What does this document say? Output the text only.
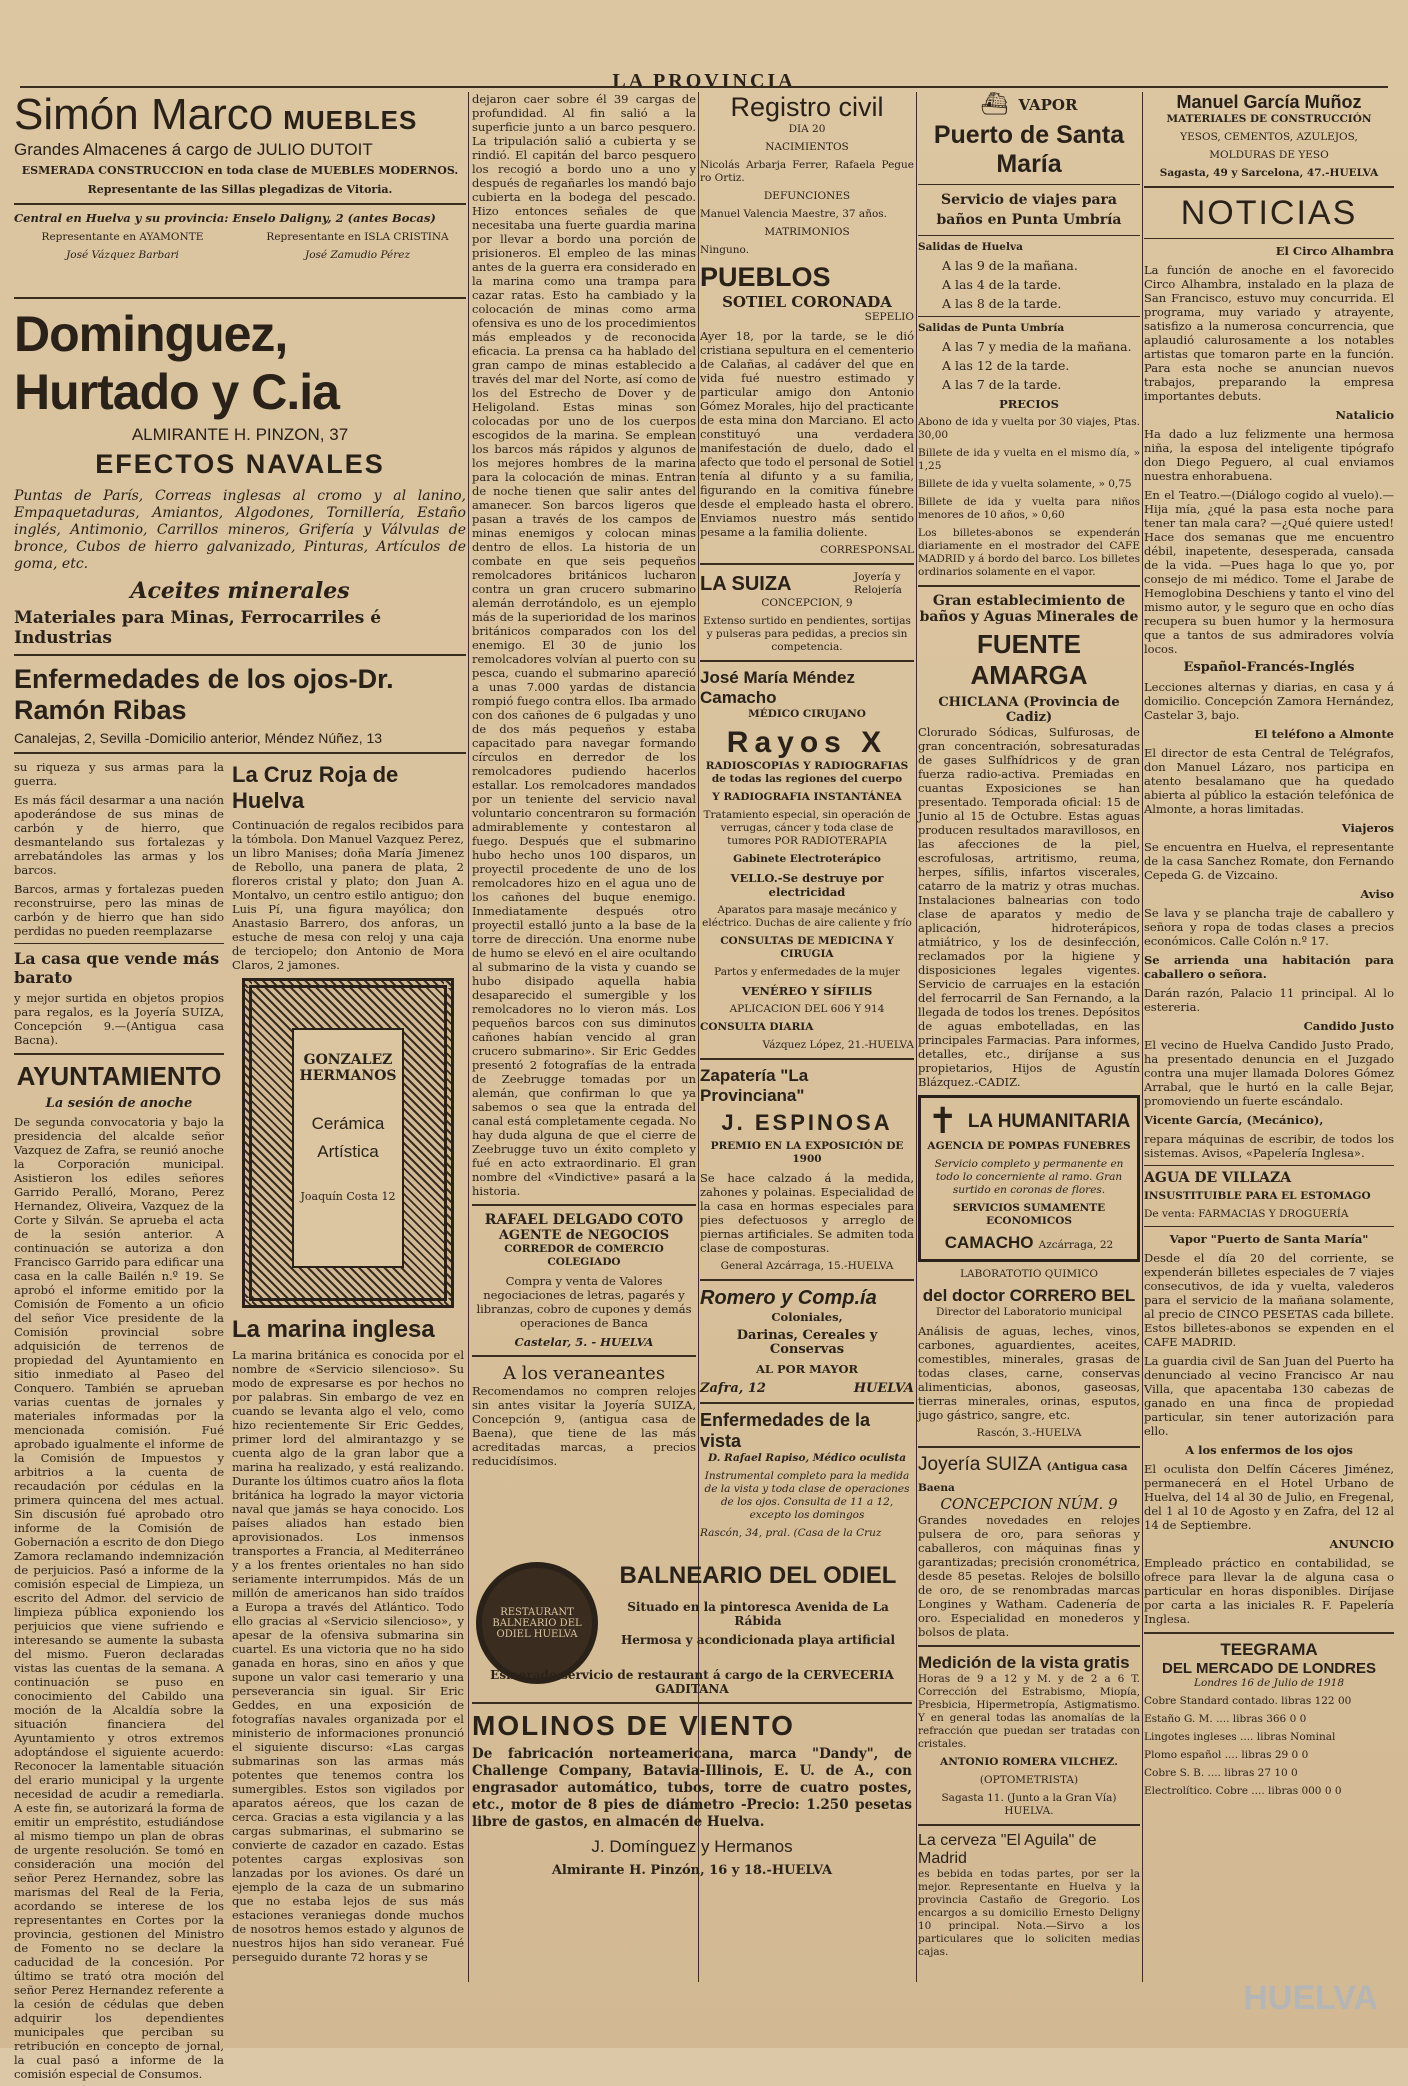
LA PROVINCIA
Simón Marco MUEBLES
Grandes Almacenes á cargo de JULIO DUTOIT

ESMERADA CONSTRUCCION en toda clase de MUEBLES MODERNOS.

Representante de las Sillas plegadizas de Vitoria.

Central en Huelva y su provincia: Enselo Daligny, 2 (antes Bocas)

Representante en AYAMONTE

José Vázquez Barbari

Representante en ISLA CRISTINA

José Zamudio Pérez

Dominguez, Hurtado y C.ia
ALMIRANTE H. PINZON, 37
EFECTOS NAVALES

Puntas de París, Correas inglesas al cromo y al lanino, Empaquetaduras, Amiantos, Algodones, Tornillería, Estaño inglés, Antimonio, Carrillos mineros, Grifería y Válvulas de bronce, Cubos de hierro galvanizado, Pinturas, Artículos de goma, etc.

Aceites minerales
Materiales para Minas, Ferrocarriles é Industrias
Enfermedades de los ojos-Dr. Ramón Ribas
Canalejas, 2, Sevilla -Domicilio anterior, Méndez Núñez, 13

su riqueza y sus armas para la guerra.

Es más fácil desarmar a una nación apoderándose de sus minas de carbón y de hierro, que desmantelando sus fortalezas y arrebatándoles las armas y los barcos.

Barcos, armas y fortalezas pueden reconstruirse, pero las minas de carbón y de hierro que han sido perdidas no pueden reemplazarse

La casa que vende más barato

y mejor surtida en objetos propios para regalos, es la Joyería SUIZA, Concepción 9.—(Antigua casa Bacna).

AYUNTAMIENTO
La sesión de anoche

De segunda convocatoria y bajo la presidencia del alcalde señor Vazquez de Zafra, se reunió anoche la Corporación municipal. Asistieron los ediles señores Garrido Peralló, Morano, Perez Hernandez, Oliveira, Vazquez de la Corte y Silván. Se aprueba el acta de la sesión anterior. A continuación se autoriza a don Francisco Garrido para edificar una casa en la calle Bailén n.º 19. Se aprobó el informe emitido por la Comisión de Fomento a un oficio del señor Vice presidente de la Comisión provincial sobre adquisición de terrenos de propiedad del Ayuntamiento en sitio inmediato al Paseo del Conquero. También se aprueban varias cuentas de jornales y materiales informadas por la mencionada comisión. Fué aprobado igualmente el informe de la Comisión de Impuestos y arbitrios a la cuenta de recaudación por cédulas en la primera quincena del mes actual. Sin discusión fué aprobado otro informe de la Comisión de Gobernación a escrito de don Diego Zamora reclamando indemnización de perjuicios. Pasó a informe de la comisión especial de Limpieza, un escrito del Admor. del servicio de limpieza pública exponiendo los perjuicios que viene sufriendo e interesando se aumente la subasta del mismo. Fueron declaradas vistas las cuentas de la semana. A continuación se puso en conocimiento del Cabildo una moción de la Alcaldía sobre la situación financiera del Ayuntamiento y otros extremos adoptándose el siguiente acuerdo: Reconocer la lamentable situación del erario municipal y la urgente necesidad de acudir a remediarla. A este fin, se autorizará la forma de emitir un empréstito, estudiándose al mismo tiempo un plan de obras de urgente resolución. Se tomó en consideración una moción del señor Perez Hernandez, sobre las marismas del Real de la Feria, acordando se interese de los representantes en Cortes por la provincia, gestionen del Ministro de Fomento no se declare la caducidad de la concesión. Por último se trató otra moción del señor Perez Hernandez referente a la cesión de cédulas que deben adquirir los dependientes municipales que perciban su retribución en concepto de jornal, la cual pasó a informe de la comisión especial de Consumos.

La Cruz Roja de Huelva

Continuación de regalos recibidos para la tómbola. Don Manuel Vazquez Perez, un libro Manises; doña María Jimenez de Rebollo, una panera de plata, 2 floreros cristal y plato; don Juan A. Montalvo, un centro estilo antiguo; don Luis Pí, una figura mayólica; don Anastasio Barrero, dos anforas, un estuche de mesa con reloj y una caja de terciopelo; don Antonio de Mora Claros, 2 jamones.

GONZALEZ HERMANOS
Cerámica
Artística
Joaquín Costa 12
La marina inglesa

La marina británica es conocida por el nombre de «Servicio silencioso». Su modo de expresarse es por hechos no por palabras. Sin embargo de vez en cuando se levanta algo el velo, como hizo recientemente Sir Eric Geddes, primer lord del almirantazgo y se cuenta algo de la gran labor que a marina ha realizado, y está realizando. Durante los últimos cuatro años la flota británica ha logrado la mayor victoria naval que jamás se haya conocido. Los países aliados han estado bien aprovisionados. Los inmensos transportes a Francia, al Mediterráneo y a los frentes orientales no han sido seriamente interrumpidos. Más de un millón de americanos han sido traídos a Europa a través del Atlántico. Todo ello gracias al «Servicio silencioso», y apesar de la ofensiva submarina sin cuartel. Es una victoria que no ha sido ganada en horas, sino en años y que supone un valor casi temerario y una perseverancia sin igual. Sir Eric Geddes, en una exposición de fotografías navales organizada por el ministerio de informaciones pronunció el siguiente discurso: «Las cargas submarinas son las armas más potentes que tenemos contra los sumergibles. Estos son vigilados por aparatos aéreos, que los cazan de cerca. Gracias a esta vigilancia y a las cargas submarinas, el submarino se convierte de cazador en cazado. Estas potentes cargas explosivas son lanzadas por los aviones. Os daré un ejemplo de la caza de un submarino que no estaba lejos de sus más estaciones veraniegas donde muchos de nosotros hemos estado y algunos de nuestros hijos han sido veranear. Fué perseguido durante 72 horas y se

dejaron caer sobre él 39 cargas de profundidad. Al fin salió a la superficie junto a un barco pesquero. La tripulación salió a cubierta y se rindió. El capitán del barco pesquero los recogió a bordo uno a uno y después de regañarles los mandó bajo cubierta en la bodega del pescado. Hizo entonces señales de que necesitaba una fuerte guardia marina por llevar a bordo una porción de prisioneros. El empleo de las minas antes de la guerra era considerado en la marina como una trampa para cazar ratas. Esto ha cambiado y la colocación de minas como arma ofensiva es uno de los procedimientos más empleados y de reconocida eficacia. La prensa ca ha hablado del gran campo de minas establecido a través del mar del Norte, así como de los del Estrecho de Dover y de Heligoland. Estas minas son colocadas por uno de los cuerpos escogidos de la marina. Se emplean los barcos más rápidos y algunos de los mejores hombres de la marina para la colocación de minas. Entran de noche tienen que salir antes del amanecer. Son barcos ligeros que pasan a través de los campos de minas enemigos y colocan minas dentro de ellos. La historia de un combate en que seis pequeños remolcadores británicos lucharon contra un gran crucero submarino alemán derrotándolo, es un ejemplo más de la superioridad de los marinos británicos comparados con los del enemigo. El 30 de junio los remolcadores volvían al puerto con su pesca, cuando el submarino apareció a unas 7.000 yardas de distancia rompió fuego contra ellos. Iba armado con dos cañones de 6 pulgadas y uno de dos más pequeños y estaba capacitado para navegar formando círculos en derredor de los remolcadores pudiendo hacerlos estallar. Los remolcadores mandados por un teniente del servicio naval voluntario concentraron su formación admirablemente y contestaron al fuego. Después que el submarino hubo hecho unos 100 disparos, un proyectil procedente de uno de los remolcadores hizo en el agua uno de los cañones del buque enemigo. Inmediatamente después otro proyectil estalló junto a la base de la torre de dirección. Una enorme nube de humo se elevó en el aire ocultando al submarino de la vista y cuando se hubo disipado aquella habia desaparecido el sumergible y los remolcadores no lo vieron más. Los pequeños barcos con sus diminutos cañones habían vencido al gran crucero submarino». Sir Eric Geddes presentó 2 fotografías de la entrada de Zeebrugge tomadas por un alemán, que confirman lo que ya sabemos o sea que la entrada del canal está completamente cegada. No hay duda alguna de que el cierre de Zeebrugge tuvo un éxito completo y fué en acto extraordinario. El gran nombre del «Vindictive» pasará a la historia.

RAFAEL DELGADO COTO
AGENTE de NEGOCIOS

CORREDOR de COMERCIO COLEGIADO

Compra y venta de Valores negociaciones de letras, pagarés y libranzas, cobro de cupones y demás operaciones de Banca

Castelar, 5. - HUELVA

A los veraneantes

Recomendamos no compren relojes sin antes visitar la Joyería SUIZA, Concepción 9, (antigua casa de Baena), que tiene de las más acreditadas marcas, a precios reducidísimos.

RESTAURANT BALNEARIO DEL ODIEL HUELVA
BALNEARIO DEL ODIEL

Situado en la pintoresca Avenida de La Rábida

Hermosa y acondicionada playa artificial

Esmerado servicio de restaurant á cargo de la CERVECERIA GADITANA

MOLINOS DE VIENTO

De fabricación norteamericana, marca "Dandy", de Challenge Company, Batavia-Illinois, E. U. de A., con engrasador automático, tubos, torre de cuatro postes, etc., motor de 8 pies de diámetro -Precio: 1.250 pesetas libre de gastos, en almacén de Huelva.

J. Domínguez y Hermanos
Almirante H. Pinzón, 16 y 18.-HUELVA
Registro civil

DIA 20

NACIMIENTOS

Nicolás Arbarja Ferrer, Rafaela Pegue ro Ortiz.

DEFUNCIONES

Manuel Valencia Maestre, 37 años.

MATRIMONIOS

Ninguno.

PUEBLOS
SOTIEL CORONADA

SEPELIO

Ayer 18, por la tarde, se le dió cristiana sepultura en el cementerio de Calañas, al cadáver del que en vida fué nuestro estimado y particular amigo don Antonio Gómez Morales, hijo del practicante de esta mina don Marciano. El acto constituyó una verdadera manifestación de duelo, dado el afecto que todo el personal de Sotiel tenía al difunto y a su familia, figurando en la comitiva fúnebre desde el empleado hasta el obrero. Enviamos nuestro más sentido pesame a la familia doliente.

CORRESPONSAL

LA SUIZA	Joyería y Relojería

CONCEPCION, 9

Extenso surtido en pendientes, sortijas y pulseras para pedidas, a precios sin competencia.

José María Méndez Camacho

MÉDICO CIRUJANO

Rayos X

RADIOSCOPIAS Y RADIOGRAFIAS de todas las regiones del cuerpo

Y RADIOGRAFIA INSTANTÁNEA

Tratamiento especial, sin operación de verrugas, cáncer y toda clase de tumores POR RADIOTERAPIA

Gabinete Electroterápico

VELLO.-Se destruye por electricidad

Aparatos para masaje mecánico y eléctrico. Duchas de aire caliente y frío

CONSULTAS DE MEDICINA Y CIRUGIA

Partos y enfermedades de la mujer

VENÉREO Y SÍFILIS

APLICACION DEL 606 Y 914

CONSULTA DIARIA

Vázquez López, 21.-HUELVA

Zapatería "La Provinciana"
J. ESPINOSA

PREMIO EN LA EXPOSICIÓN DE 1900

Se hace calzado á la medida, zahones y polainas. Especialidad de la casa en hormas especiales para pies defectuosos y arreglo de piernas artificiales. Se admiten toda clase de composturas.

General Azcárraga, 15.-HUELVA

Romero y Comp.ía

Coloniales,

Darinas, Cereales y Conservas

AL POR MAYOR

Zafra, 12	HUELVA
Enfermedades de la vista

D. Rafael Rapiso, Médico oculista

Instrumental completo para la medida de la vista y toda clase de operaciones de los ojos. Consulta de 11 a 12, excepto los domingos

Rascón, 34, pral. (Casa de la Cruz

⛴ VAPOR
Puerto de Santa María
Servicio de viajes para baños en Punta Umbría

Salidas de Huelva

A las 9 de la mañana.

A las 4 de la tarde.

A las 8 de la tarde.

Salidas de Punta Umbría

A las 7 y media de la mañana.

A las 12 de la tarde.

A las 7 de la tarde.

PRECIOS

Abono de ida y vuelta por 30 viajes, Ptas. 30,00

Billete de ida y vuelta en el mismo día, » 1,25

Billete de ida y vuelta solamente, » 0,75

Billete de ida y vuelta para niños menores de 10 años, » 0,60

Los billetes-abonos se expenderán diariamente en el mostrador del CAFE MADRID y á bordo del barco. Los billetes ordinarios solamente en el vapor.

Gran establecimiento de baños y Aguas Minerales de
FUENTE AMARGA
CHICLANA (Provincia de Cadiz)

Clorurado Sódicas, Sulfurosas, de gran concentración, sobresaturadas de gases Sulfhídricos y de gran fuerza radio-activa. Premiadas en cuantas Exposiciones se han presentado. Temporada oficial: 15 de Junio al 15 de Octubre. Estas aguas producen resultados maravillosos, en las afecciones de la piel, escrofulosas, artritismo, reuma, herpes, sífilis, infartos viscerales, catarro de la matriz y otras muchas. Instalaciones balnearias con todo clase de aparatos y medio de aplicación, hidroterápicos, atmiátrico, y los de desinfección, reclamados por la higiene y disposiciones legales vigentes. Servicio de carruajes en la estación del ferrocarril de San Fernando, a la llegada de todos los trenes. Depósitos de aguas embotelladas, en las principales Farmacias. Para informes, detalles, etc., diríjanse a sus propietarios, Hijos de Agustín Blázquez.-CADIZ.

✝ LA HUMANITARIA

AGENCIA DE POMPAS FUNEBRES

Servicio completo y permanente en todo lo concerniente al ramo. Gran surtido en coronas de flores.

SERVICIOS SUMAMENTE ECONOMICOS

CAMACHO Azcárraga, 22

LABORATOTIO QUIMICO

del doctor CORRERO BEL

Director del Laboratorio municipal

Análisis de aguas, leches, vinos, carbones, aguardientes, aceites, comestibles, minerales, grasas de todas clases, carne, conservas alimenticias, abonos, gaseosas, tierras minerales, orinas, esputos, jugo gástrico, sangre, etc.

Rascón, 3.-HUELVA

Joyería SUIZA (Antigua casa Baena
CONCEPCION NÚM. 9

Grandes novedades en relojes pulsera de oro, para señoras y caballeros, con máquinas finas y garantizadas; precisión cronométrica, desde 85 pesetas. Relojes de bolsillo de oro, de se renombradas marcas Longines y Watham. Cadenería de oro. Especialidad en monederos y bolsos de plata.

Medición de la vista gratis

Horas de 9 a 12 y M. y de 2 a 6 T. Corrección del Estrabismo, Miopía, Presbicia, Hipermetropía, Astigmatismo. Y en general todas las anomalías de la refracción que puedan ser tratadas con cristales.

ANTONIO ROMERA VILCHEZ.

(OPTOMETRISTA)

Sagasta 11. (Junto a la Gran Vía) HUELVA.

La cerveza "El Aguila" de Madrid

es bebida en todas partes, por ser la mejor. Representante en Huelva y la provincia Castaño de Gregorio. Los encargos a su domicilio Ernesto Deligny 10 principal. Nota.—Sirvo a los particulares que lo soliciten medias cajas.

Manuel García Muñoz

MATERIALES DE CONSTRUCCIÓN

YESOS, CEMENTOS, AZULEJOS,

MOLDURAS DE YESO

Sagasta, 49 y Sarcelona, 47.-HUELVA

NOTICIAS

El Circo Alhambra

La función de anoche en el favorecido Circo Alhambra, instalado en la plaza de San Francisco, estuvo muy concurrida. El programa, muy variado y atrayente, satisfizo a la numerosa concurrencia, que aplaudió calurosamente a los notables artistas que tomaron parte en la función. Para esta noche se anuncian nuevos trabajos, preparando la empresa importantes debuts.

Natalicio

Ha dado a luz felizmente una hermosa niña, la esposa del inteligente tipógrafo don Diego Peguero, al cual enviamos nuestra enhorabuena.

En el Teatro.—(Diálogo cogido al vuelo).—Hija mía, ¿qué la pasa esta noche para tener tan mala cara? —¿Qué quiere usted! Hace dos semanas que me encuentro débil, inapetente, desesperada, cansada de la vida. —Pues haga lo que yo, por consejo de mi médico. Tome el Jarabe de Hemoglobina Deschiens y tanto el vino del mismo autor, y le seguro que en ocho días recupera su buen humor y la hermosura que a tantos de sus admiradores volvía locos.

Español-Francés-Inglés

Lecciones alternas y diarias, en casa y á domicilio. Concepción Zamora Hernández, Castelar 3, bajo.

El teléfono a Almonte

El director de esta Central de Telégrafos, don Manuel Lázaro, nos participa en atento besalamano que ha quedado abierta al público la estación telefónica de Almonte, a horas limitadas.

Viajeros

Se encuentra en Huelva, el representante de la casa Sanchez Romate, don Fernando Cepeda G. de Vizcaino.

Aviso

Se lava y se plancha traje de caballero y señora y ropa de todas clases a precios económicos. Calle Colón n.º 17.

Se arrienda una habitación para caballero o señora.

Darán razón, Palacio 11 principal. Al lo estereria.

Candido Justo

El vecino de Huelva Candido Justo Prado, ha presentado denuncia en el Juzgado contra una mujer llamada Dolores Gómez Arrabal, que le hurtó en la calle Bejar, promoviendo un fuerte escándalo.

Vicente García, (Mecánico),

repara máquinas de escribir, de todos los sistemas. Avisos, «Papelería Inglesa».

AGUA DE VILLAZA

INSUSTITUIBLE PARA EL ESTOMAGO

De venta: FARMACIAS Y DROGUERÍA

Vapor "Puerto de Santa María"

Desde el día 20 del corriente, se expenderán billetes especiales de 7 viajes consecutivos, de ida y vuelta, valederos para el servicio de la mañana solamente, al precio de CINCO PESETAS cada billete. Estos billetes-abonos se expenden en el CAFE MADRID.

La guardia civil de San Juan del Puerto ha denunciado al vecino Francisco Ar nau Villa, que apacentaba 130 cabezas de ganado en una finca de propiedad particular, sin tener autorización para ello.

A los enfermos de los ojos

El oculista don Delfín Cáceres Jiménez, permanecerá en el Hotel Urbano de Huelva, del 14 al 30 de Julio, en Fregenal, del 1 al 10 de Agosto y en Zafra, del 12 al 14 de Septiembre.

ANUNCIO

Empleado práctico en contabilidad, se ofrece para llevar la de alguna casa o particular en horas disponibles. Diríjase por carta a las iniciales R. F. Papelería Inglesa.

TEEGRAMA
DEL MERCADO DE LONDRES

Londres 16 de Julio de 1918

Cobre Standard contado. libras 122 00

Estaño G. M. .... libras 366 0 0

Lingotes ingleses .... libras Nominal

Plomo español .... libras 29 0 0

Cobre S. B. .... libras 27 10 0

Electrolítico. Cobre .... libras 000 0 0

HUELVA
